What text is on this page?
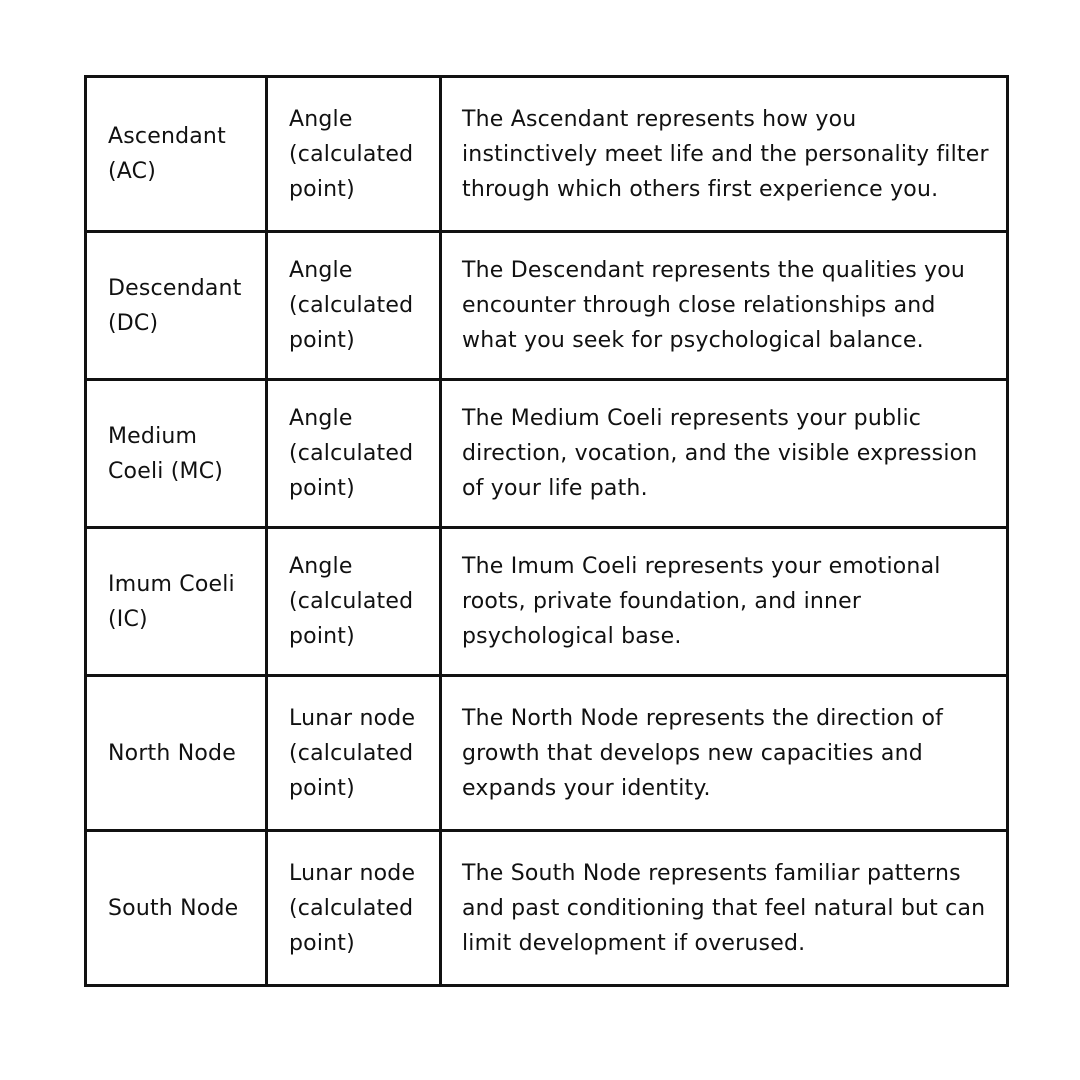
Ascendant (AC)	Angle (calculated point)	The Ascendant represents how you instinctively meet life and the personality filter through which others first experience you.
Descendant (DC)	Angle (calculated point)	The Descendant represents the qualities you encounter through close relationships and what you seek for psychological balance.
Medium Coeli (MC)	Angle (calculated point)	The Medium Coeli represents your public direction, vocation, and the visible expression of your life path.
Imum Coeli (IC)	Angle (calculated point)	The Imum Coeli represents your emotional roots, private foundation, and inner psychological base.
North Node	Lunar node (calculated point)	The North Node represents the direction of growth that develops new capacities and expands your identity.
South Node	Lunar node (calculated point)	The South Node represents familiar patterns and past conditioning that feel natural but can limit development if overused.
